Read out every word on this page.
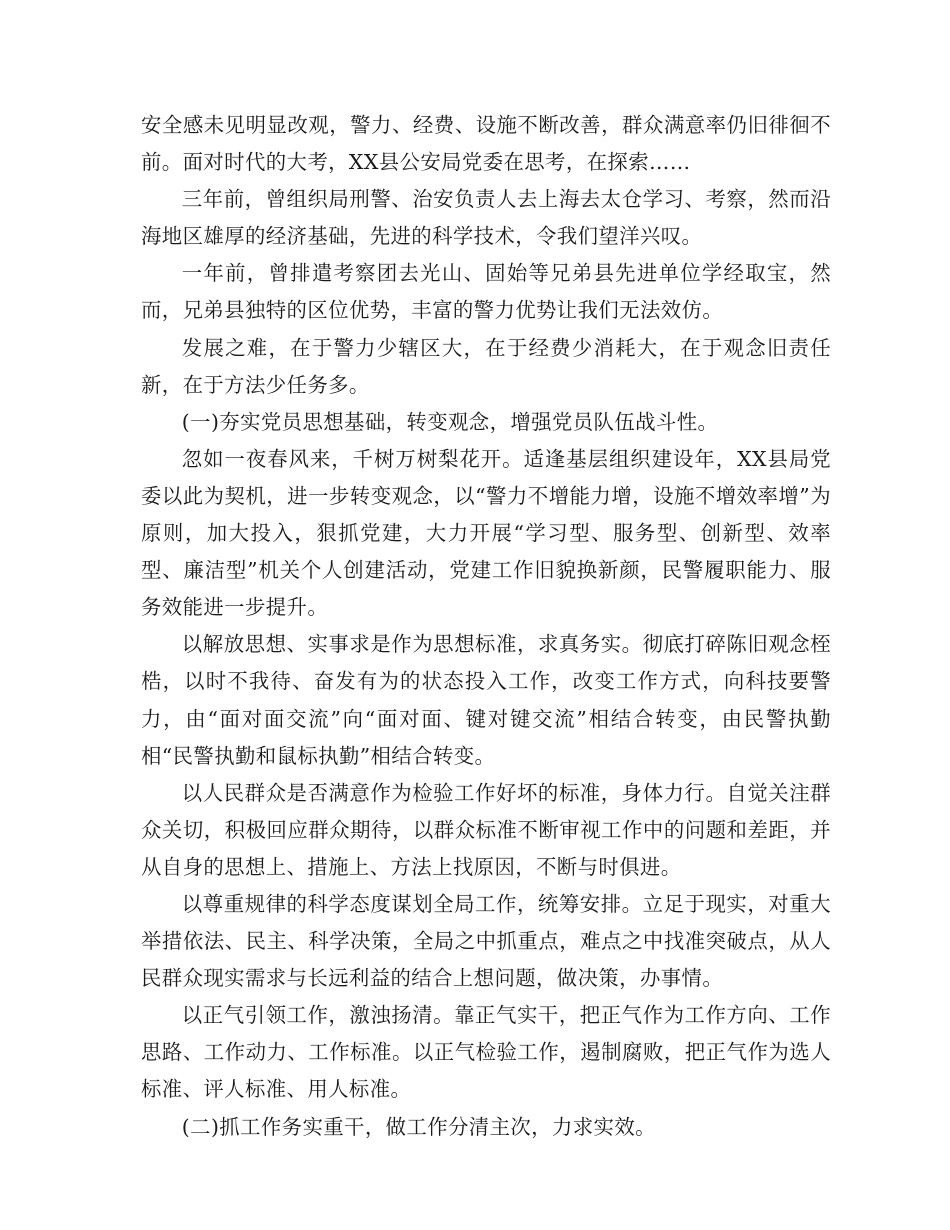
安全感未见明显改观，警力、经费、设施不断改善，群众满意率仍旧徘徊不前。面对时代的大考，XX县公安局党委在思考，在探索……

三年前，曾组织局刑警、治安负责人去上海去太仓学习、考察，然而沿海地区雄厚的经济基础，先进的科学技术，令我们望洋兴叹。

一年前，曾排遣考察团去光山、固始等兄弟县先进单位学经取宝，然而，兄弟县独特的区位优势，丰富的警力优势让我们无法效仿。

发展之难，在于警力少辖区大，在于经费少消耗大，在于观念旧责任新，在于方法少任务多。

(一)夯实党员思想基础，转变观念，增强党员队伍战斗性。

忽如一夜春风来，千树万树梨花开。适逢基层组织建设年，XX县局党委以此为契机，进一步转变观念，以“警力不增能力增，设施不增效率增”为原则，加大投入，狠抓党建，大力开展“学习型、服务型、创新型、效率型、廉洁型”机关个人创建活动，党建工作旧貌换新颜，民警履职能力、服务效能进一步提升。

以解放思想、实事求是作为思想标准，求真务实。彻底打碎陈旧观念桎梏，以时不我待、奋发有为的状态投入工作，改变工作方式，向科技要警力，由“面对面交流”向“面对面、键对键交流”相结合转变，由民警执勤相“民警执勤和鼠标执勤”相结合转变。

以人民群众是否满意作为检验工作好坏的标准，身体力行。自觉关注群众关切，积极回应群众期待，以群众标准不断审视工作中的问题和差距，并从自身的思想上、措施上、方法上找原因，不断与时俱进。

以尊重规律的科学态度谋划全局工作，统筹安排。立足于现实，对重大举措依法、民主、科学决策，全局之中抓重点，难点之中找准突破点，从人民群众现实需求与长远利益的结合上想问题，做决策，办事情。

以正气引领工作，激浊扬清。靠正气实干，把正气作为工作方向、工作思路、工作动力、工作标准。以正气检验工作，遏制腐败，把正气作为选人标准、评人标准、用人标准。

(二)抓工作务实重干，做工作分清主次，力求实效。
